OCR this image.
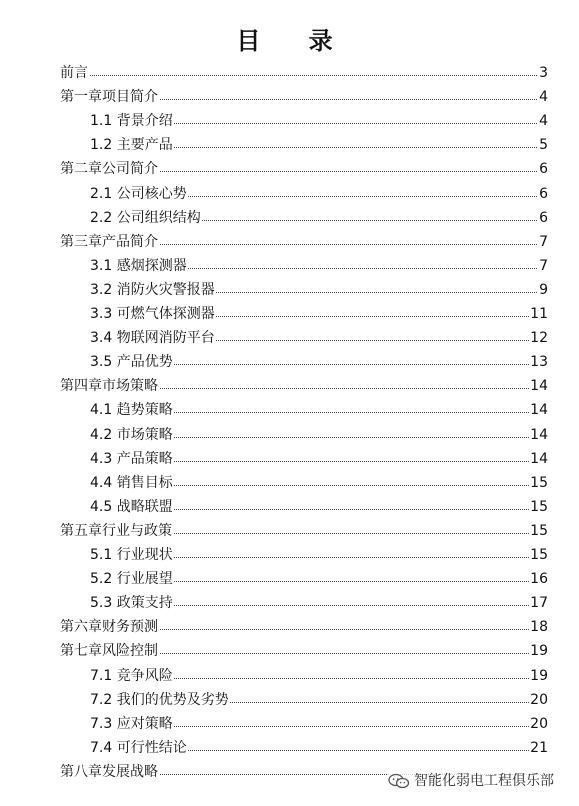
目 录
前言	3
第一章项目简介	4
1.1 背景介绍	4
1.2 主要产品	5
第二章公司简介	6
2.1 公司核心势	6
2.2 公司组织结构	6
第三章产品简介	7
3.1 感烟探测器	7
3.2 消防火灾警报器	9
3.3 可燃气体探测器	11
3.4 物联网消防平台	12
3.5 产品优势	13
第四章市场策略	14
4.1 趋势策略	14
4.2 市场策略	14
4.3 产品策略	14
4.4 销售目标	15
4.5 战略联盟	15
第五章行业与政策	15
5.1 行业现状	15
5.2 行业展望	16
5.3 政策支持	17
第六章财务预测	18
第七章风险控制	19
7.1 竞争风险	19
7.2 我们的优势及劣势	20
7.3 应对策略	20
7.4 可行性结论	21
第八章发展战略
智能化弱电工程俱乐部
